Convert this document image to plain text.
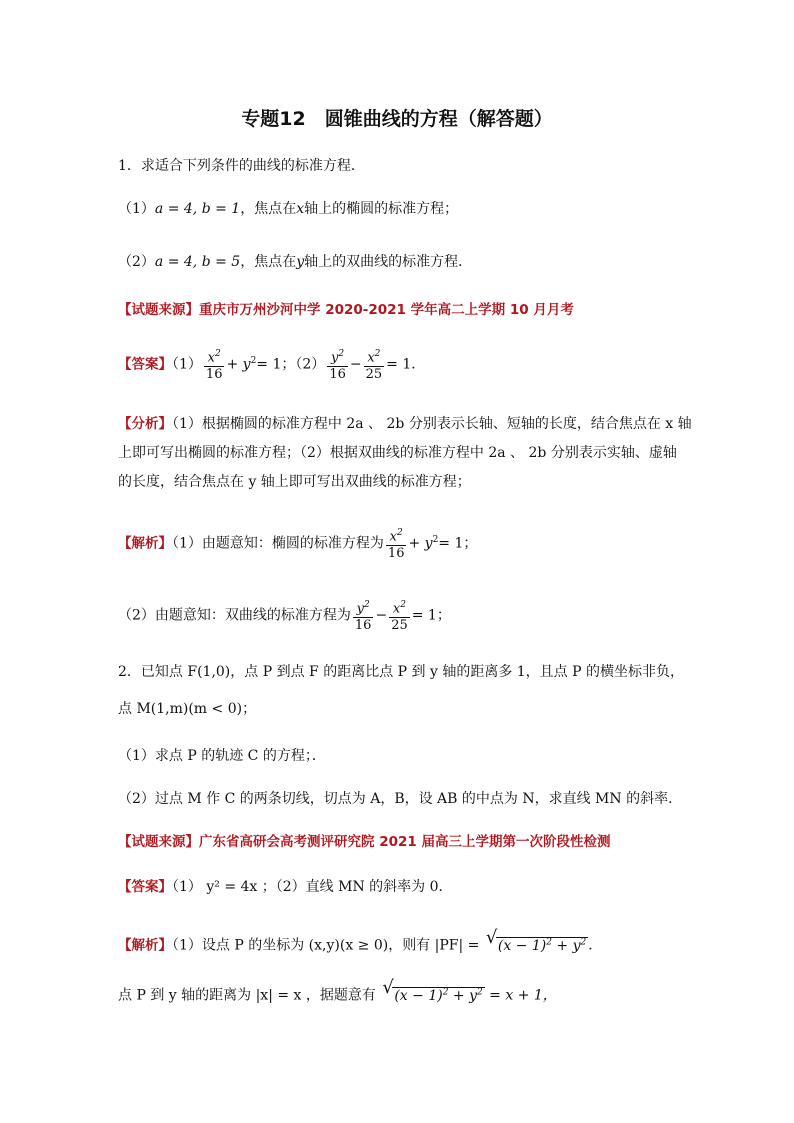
专题12　圆锥曲线的方程（解答题）
1．求适合下列条件的曲线的标准方程．
（1）a = 4, b = 1，焦点在x轴上的椭圆的标准方程；
（2）a = 4, b = 5，焦点在y轴上的双曲线的标准方程．
【试题来源】重庆市万州沙河中学 2020-2021 学年高二上学期 10 月月考
【答案】$(1) \frac{x^2}{16} + y^2= 1$；$(2) \frac{y^2}{16} - \frac{x^2}{25} = 1$．
【分析】（1）根据椭圆的标准方程中 2a 、 2b 分别表示长轴、短轴的长度，结合焦点在 x 轴
上即可写出椭圆的标准方程；（2）根据双曲线的标准方程中 2a 、 2b 分别表示实轴、虚轴
的长度，结合焦点在 y 轴上即可写出双曲线的标准方程；
【解析】（1）由题意知：椭圆的标准方程为 $\frac{x^2}{16} + y^2= 1$；
（2）由题意知：双曲线的标准方程为 $\frac{y^2}{16} - \frac{x^2}{25} = 1$；
2．已知点 F(1,0)，点 P 到点 F 的距离比点 P 到 y 轴的距离多 1，且点 P 的横坐标非负，
点 M(1,m)(m < 0)；
（1）求点 P 的轨迹 C 的方程；．
（2）过点 M 作 C 的两条切线，切点为 A，B，设 AB 的中点为 N，求直线 MN 的斜率．
【试题来源】广东省高研会高考测评研究院 2021 届高三上学期第一次阶段性检测
【答案】（1） y² = 4x ；（2）直线 MN 的斜率为 0．
【解析】（1）设点 P 的坐标为 (x,y)(x ≥ 0)，则有 |PF| = √ $(x - 1)^2 + y^2$ ．
点 P 到 y 轴的距离为 |x| = x ，据题意有 √ $(x - 1)^2 + y^2 = x + 1$，
